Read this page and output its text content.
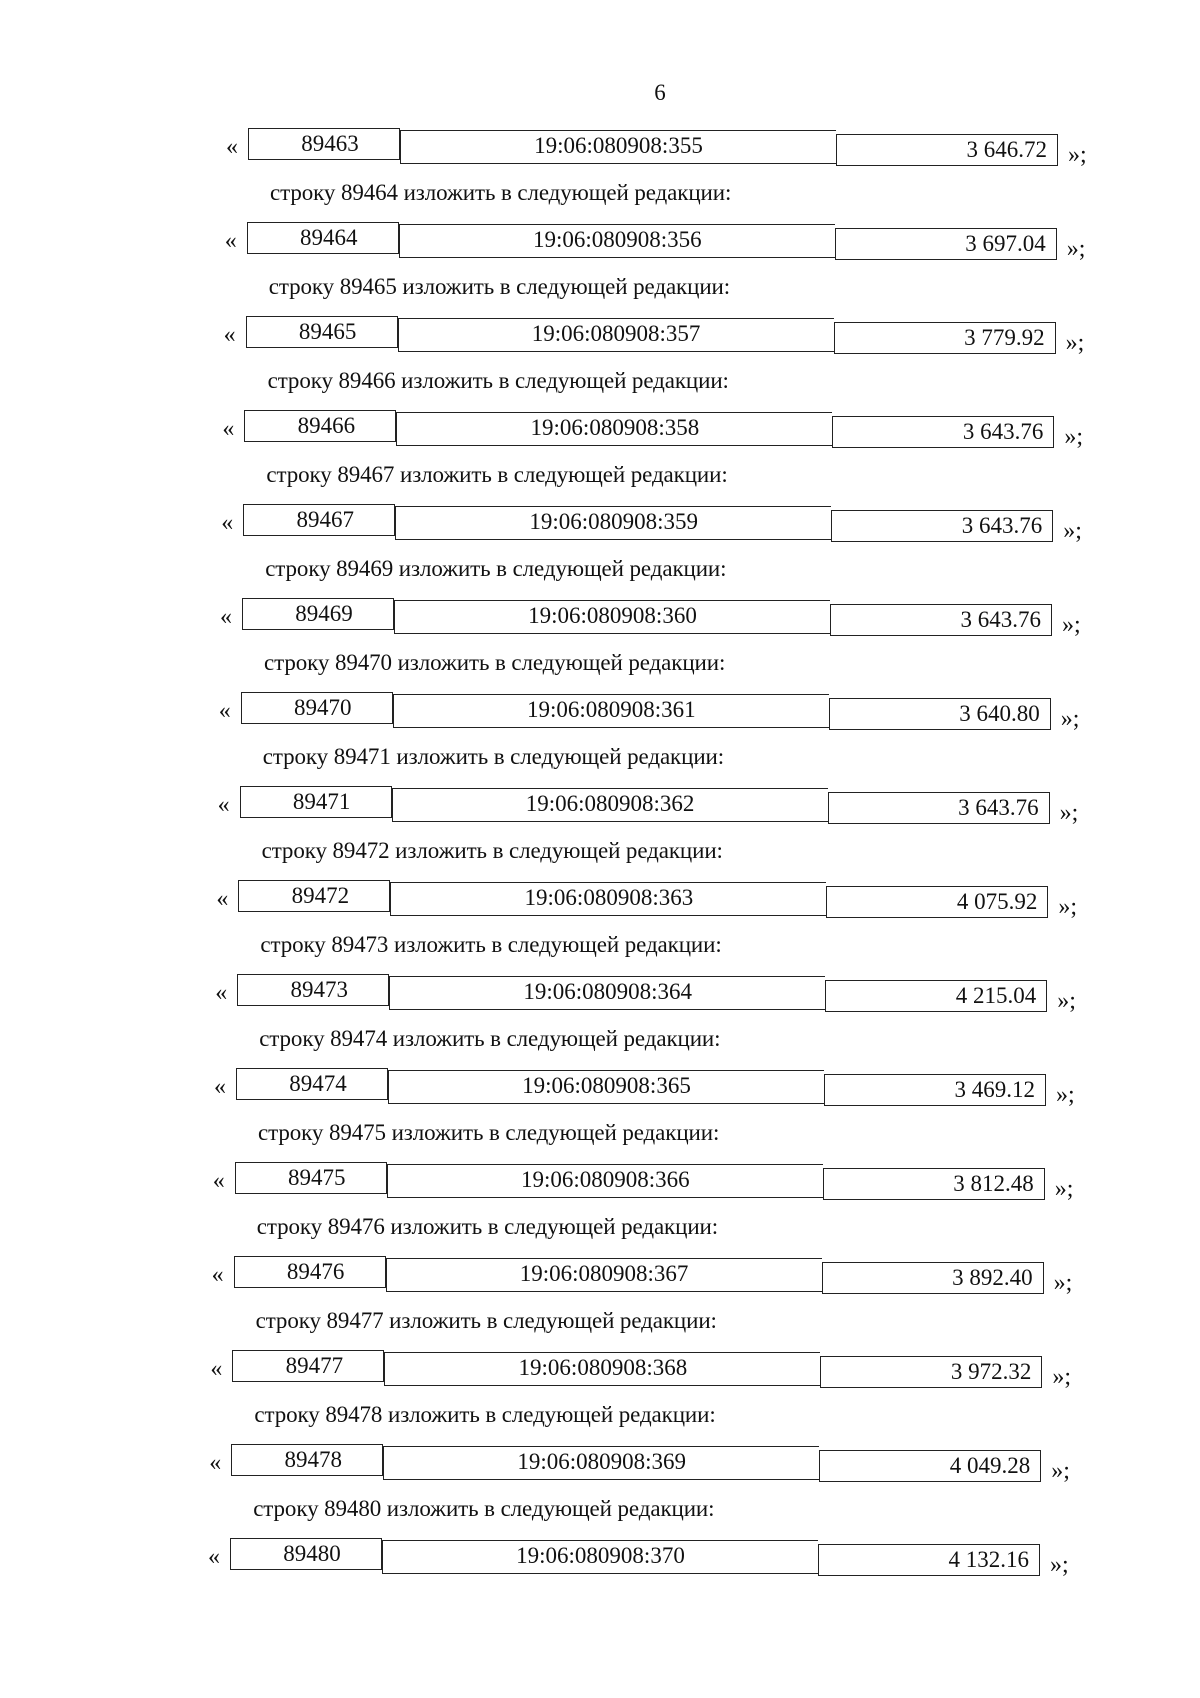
6
«	89463	19:06:080908:355	3 646.72 »;
строку 89464 изложить в следующей редакции:
«	89464	19:06:080908:356	3 697.04 »;
строку 89465 изложить в следующей редакции:
«	89465	19:06:080908:357	3 779.92 »;
строку 89466 изложить в следующей редакции:
«	89466	19:06:080908:358	3 643.76 »;
строку 89467 изложить в следующей редакции:
«	89467	19:06:080908:359	3 643.76 »;
строку 89469 изложить в следующей редакции:
«	89469	19:06:080908:360	3 643.76 »;
строку 89470 изложить в следующей редакции:
«	89470	19:06:080908:361	3 640.80 »;
строку 89471 изложить в следующей редакции:
«	89471	19:06:080908:362	3 643.76 »;
строку 89472 изложить в следующей редакции:
«	89472	19:06:080908:363	4 075.92 »;
строку 89473 изложить в следующей редакции:
«	89473	19:06:080908:364	4 215.04 »;
строку 89474 изложить в следующей редакции:
«	89474	19:06:080908:365	3 469.12 »;
строку 89475 изложить в следующей редакции:
«	89475	19:06:080908:366	3 812.48 »;
строку 89476 изложить в следующей редакции:
«	89476	19:06:080908:367	3 892.40 »;
строку 89477 изложить в следующей редакции:
«	89477	19:06:080908:368	3 972.32 »;
строку 89478 изложить в следующей редакции:
«	89478	19:06:080908:369	4 049.28 »;
строку 89480 изложить в следующей редакции:
«	89480	19:06:080908:370	4 132.16 »;
